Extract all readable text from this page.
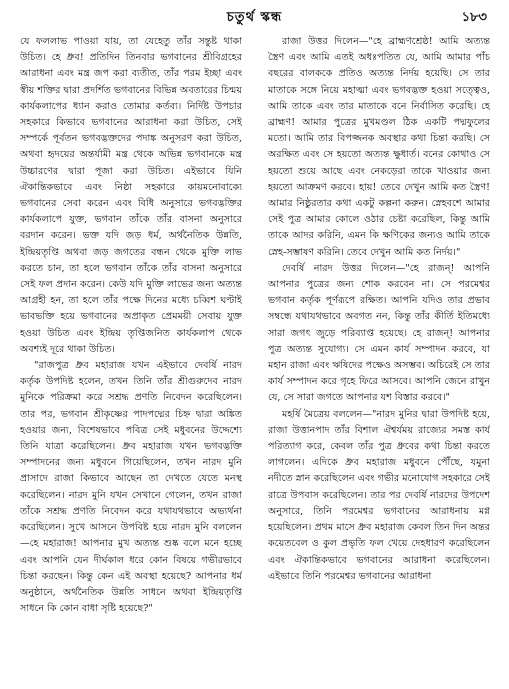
চতুর্থ স্কন্ধ	১৮৩

যে ফললাভ পাওয়া যায়, তা যেহেতু তাঁর সন্তুষ্ট থাকা উচিত। হে ধ্রুব! প্রতিদিন তিনবার ভগবানের শ্রীবিগ্রহের আরাধনা এবং মন্ত্র জপ করা ব্যতীত, তাঁর পরম ইচ্ছা এবং স্বীয় শক্তির দ্বারা প্রদর্শিত ভগবানের বিভিন্ন অবতারের চিন্ময় কার্যকলাপের ধ্যান করাও তোমার কর্তব্য। নির্দিষ্ট উপচার সহকারে কিভাবে ভগবানের আরাধনা করা উচিত, সেই সম্পর্কে পূর্বতন ভগবদ্ভক্তদের পদাঙ্ক অনুসরণ করা উচিত, অথবা হৃদয়ের অন্তর্যামী মন্ত্র থেকে অভিন্ন ভগবানকে মন্ত্র উচ্চারণের দ্বারা পূজা করা উচিত। এইভাবে যিনি ঐকান্তিকভাবে এবং নিষ্ঠা সহকারে কায়মনোবাক্যে ভগবানের সেবা করেন এবং বিধি অনুসারে ভগবদ্ভক্তির কার্যকলাপে যুক্ত, ভগবান তাঁকে তাঁর বাসনা অনুসারে বরদান করেন। ভক্ত যদি জড় ধর্ম, অর্থনৈতিক উন্নতি, ইন্দ্রিয়তৃপ্তি অথবা জড় জগতের বন্ধন থেকে মুক্তি লাভ করতে চান, তা হলে ভগবান তাঁকে তাঁর বাসনা অনুসারে সেই ফল প্রদান করেন। কেউ যদি মুক্তি লাভের জন্য অত্যন্ত আগ্রহী হন, তা হলে তাঁর পক্ষে দিনের মধ্যে চব্বিশ ঘণ্টাই ভাবভক্তি হয়ে ভগবানের অপ্রাকৃত প্রেমময়ী সেবায় যুক্ত হওয়া উচিত এবং ইন্দ্রিয় তৃপ্তিজনিত কার্যকলাপ থেকে অবশ্যই দূরে থাকা উচিত।

"রাজপুত্র ধ্রুব মহারাজ যখন এইভাবে দেবর্ষি নারদ কর্তৃক উপদিষ্ট হলেন, তখন তিনি তাঁর শ্রীগুরুদেব নারদ মুনিকে পরিক্রমা করে সশ্রদ্ধ প্রণতি নিবেদন করেছিলেন। তার পর, ভগবান শ্রীকৃষ্ণের পাদপদ্মের চিহ্ন দ্বারা অঙ্কিত হওয়ার জন্য, বিশেষভাবে পবিত্র সেই মধুবনের উদ্দেশ্যে তিনি যাত্রা করেছিলেন। ধ্রুব মহারাজ যখন ভগবদ্ভক্তি সম্পাদনের জন্য মধুবনে গিয়েছিলেন, তখন নারদ মুনি প্রাসাদে রাজা কিভাবে আছেন তা দেখতে যেতে মনস্থ করেছিলেন। নারদ মুনি যখন সেখানে গেলেন, তখন রাজা তাঁকে সশ্রদ্ধ প্রণতি নিবেদন করে যথাযথভাবে অভ্যর্থনা করেছিলেন। সুখে আসনে উপবিষ্ট হয়ে নারদ মুনি বললেন—হে মহারাজ! আপনার মুখ অত্যন্ত শুষ্ক বলে মনে হচ্ছে এবং আপনি যেন দীর্ঘকাল ধরে কোন বিষয়ে গভীরভাবে চিন্তা করছেন। কিন্তু কেন এই অবস্থা হয়েছে? আপনার ধর্ম অনুষ্ঠানে, অর্থনৈতিক উন্নতি সাধনে অথবা ইন্দ্রিয়তৃপ্তি সাধনে কি কোন বাধা সৃষ্টি হয়েছে?"

রাজা উত্তর দিলেন—"হে ব্রাহ্মণশ্রেষ্ঠ! আমি অত্যন্ত স্ত্রৈণ এবং আমি এতই অধঃপতিত যে, আমি আমার পাঁচ বছরের বালককে প্রতিও অত্যন্ত নির্দয় হয়েছি। সে তার মাতাকে সঙ্গে নিয়ে মহাত্মা এবং ভগবদ্ভক্ত হওয়া সত্ত্বেও, আমি তাকে এবং তার মাতাকে বনে নির্বাসিত করেছি। হে ব্রাহ্মণ! আমার পুত্রের মুখমণ্ডল ঠিক একটি পদ্মফুলের মতো। আমি তার বিপজ্জনক অবস্থার কথা চিন্তা করছি। সে অরক্ষিত এবং সে হয়তো অত্যন্ত ক্ষুধার্ত। বনের কোথাও সে হয়তো শুয়ে আছে এবং নেকড়েরা তাকে খাওয়ার জন্য হয়তো আক্রমণ করবে। হায়! তেবে দেখুন আমি কত স্ত্রৈণ! আমার নিষ্ঠুরতার কথা একটু কল্পনা করুন। স্নেহবশে আমার সেই পুত্র আমার কোলে ওঠার চেষ্টা করেছিল, কিন্তু আমি তাকে আদর করিনি, এমন কি ক্ষণিকের জন্যও আমি তাকে স্নেহ-সম্ভাষণ করিনি। তেবে দেখুন আমি কত নির্দয়।"

দেবর্ষি নারদ উত্তর দিলেন—"হে রাজন্! আপনি আপনার পুত্রের জন্য শোক করবেন না। সে পরমেশ্বর ভগবান কর্তৃক পূর্ণরূপে রক্ষিত। আপনি যদিও তার প্রভাব সম্বন্ধে যথাযথভাবে অবগত নন, কিন্তু তাঁর কীর্তি ইতিমধ্যে সারা জগৎ জুড়ে পরিব্যাপ্ত হয়েছে। হে রাজন্! আপনার পুত্র অত্যন্ত সুযোগ্য। সে এমন কার্য সম্পাদন করবে, যা মহান রাজা এবং ঋষিদের পক্ষেও অসম্ভব। অচিরেই সে তার কার্য সম্পাদন করে গৃহে ফিরে আসবে। আপনি জেনে রাখুন যে, সে সারা জগতে আপনার যশ বিস্তার করবে।"

মহর্ষি মৈত্রেয় বললেন—"নারদ মুনির দ্বারা উপদিষ্ট হয়ে, রাজা উত্তানপাদ তাঁর বিশাল ঐশ্বর্যময় রাজ্যের সমস্ত কার্য পরিত্যাগ করে, কেবল তাঁর পুত্র ধ্রুবের কথা চিন্তা করতে লাগলেন। এদিকে ধ্রুব মহারাজ মধুবনে পৌঁছে, যমুনা নদীতে স্নান করেছিলেন এবং গভীর মনোযোগ সহকারে সেই রাত্রে উপবাস করেছিলেন। তার পর দেবর্ষি নারদের উপদেশ অনুসারে, তিনি পরমেশ্বর ভগবানের আরাধনায় মগ্ন হয়েছিলেন। প্রথম মাসে ধ্রুব মহারাজ কেবল তিন দিন অন্তর কয়েতবেল ও কুল প্রভৃতি ফল খেয়ে দেহধারণ করেছিলেন এবং ঐকান্তিকভাবে ভগবানের আরাধনা করেছিলেন। এইভাবে তিনি পরমেশ্বর ভগবানের আরাধনা
